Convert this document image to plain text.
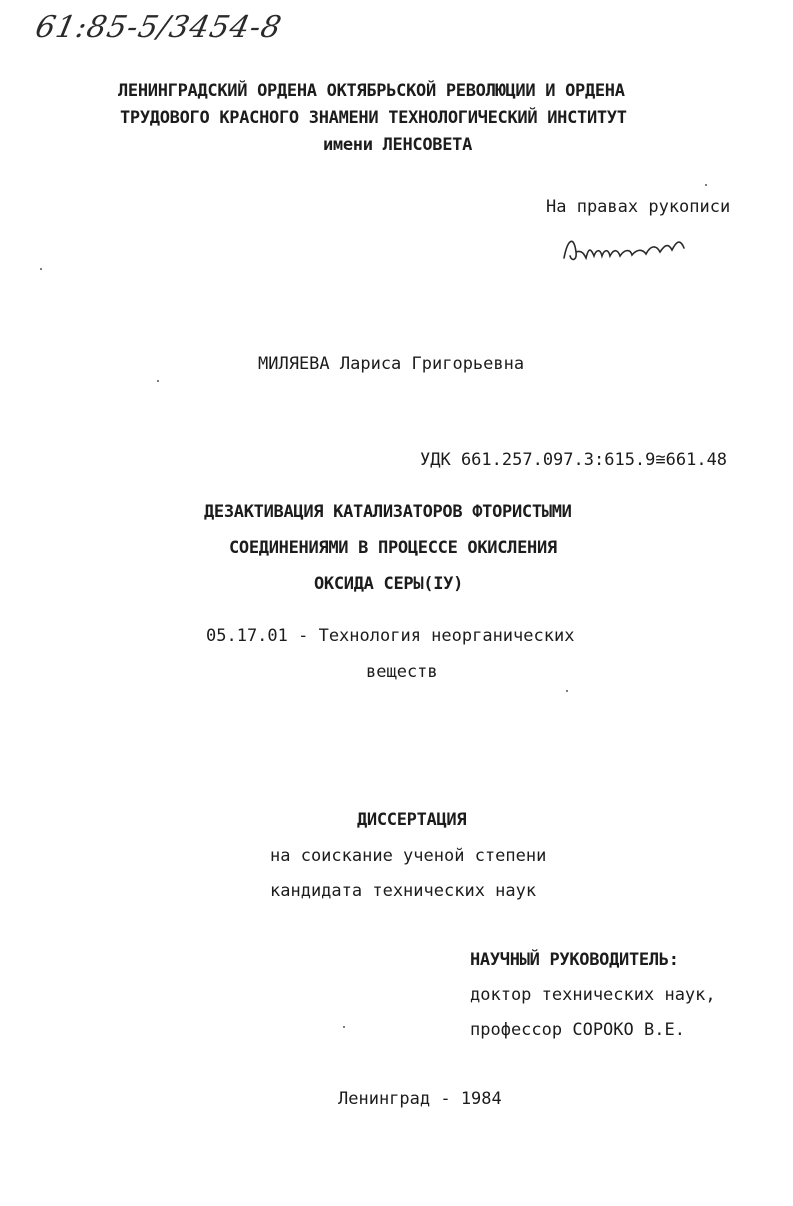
61:85-5/3454-8
ЛЕНИНГРАДСКИЙ ОРДЕНА ОКТЯБРЬСКОЙ РЕВОЛЮЦИИ И ОРДЕНА
ТРУДОВОГО КРАСНОГО ЗНАМЕНИ ТЕХНОЛОГИЧЕСКИЙ ИНСТИТУТ
имени ЛЕНСОВЕТА
На правах рукописи
МИЛЯЕВА Лариса Григорьевна
УДК 661.257.097.3:615.9≅661.48
ДЕЗАКТИВАЦИЯ КАТАЛИЗАТОРОВ ФТОРИСТЫМИ
СОЕДИНЕНИЯМИ В ПРОЦЕССЕ ОКИСЛЕНИЯ
ОКСИДА СЕРЫ(IУ)
05.17.01 - Технология неорганических
веществ
ДИССЕРТАЦИЯ
на соискание ученой степени
кандидата технических наук
НАУЧНЫЙ РУКОВОДИТЕЛЬ:
доктор технических наук,
профессор СОРОКО В.Е.
Ленинград - 1984
